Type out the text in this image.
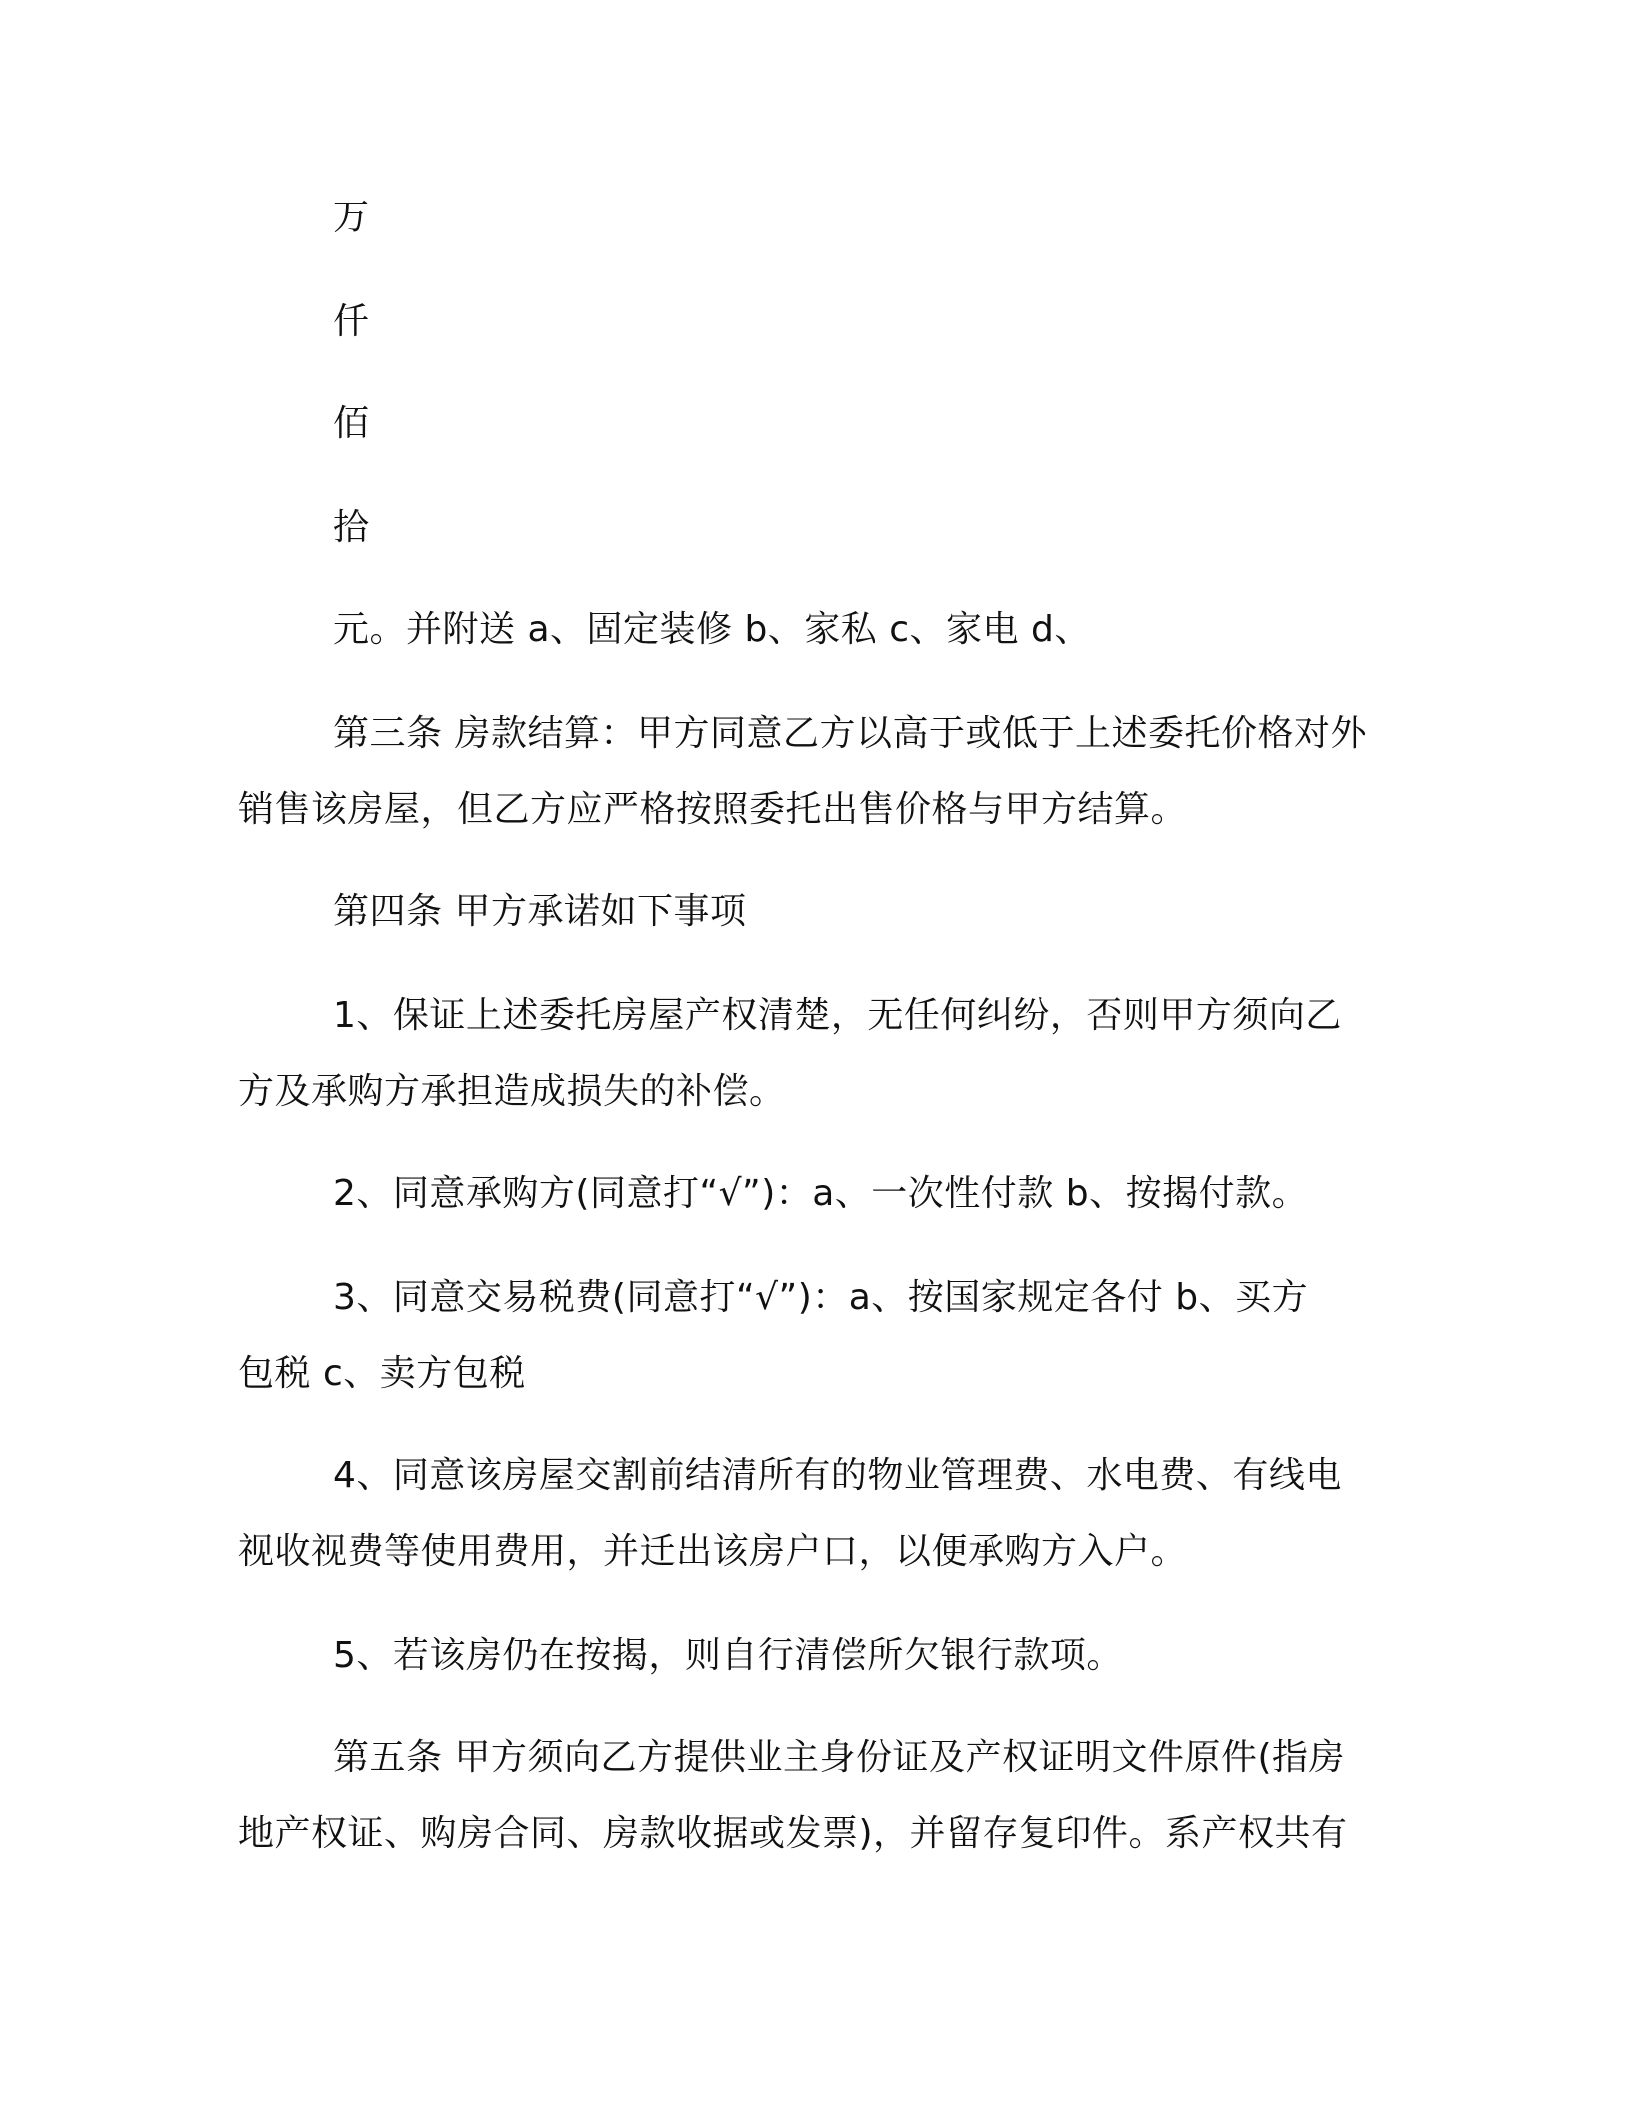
万
仟
佰
拾
元。并附送 a、固定装修 b、家私 c、家电 d、
第三条 房款结算：甲方同意乙方以高于或低于上述委托价格对外
销售该房屋，但乙方应严格按照委托出售价格与甲方结算。
第四条 甲方承诺如下事项
1、保证上述委托房屋产权清楚，无任何纠纷，否则甲方须向乙
方及承购方承担造成损失的补偿。
2、同意承购方(同意打“√”)：a、一次性付款 b、按揭付款。
3、同意交易税费(同意打“√”)：a、按国家规定各付 b、买方
包税 c、卖方包税
4、同意该房屋交割前结清所有的物业管理费、水电费、有线电
视收视费等使用费用，并迁出该房户口，以便承购方入户。
5、若该房仍在按揭，则自行清偿所欠银行款项。
第五条 甲方须向乙方提供业主身份证及产权证明文件原件(指房
地产权证、购房合同、房款收据或发票)，并留存复印件。系产权共有
